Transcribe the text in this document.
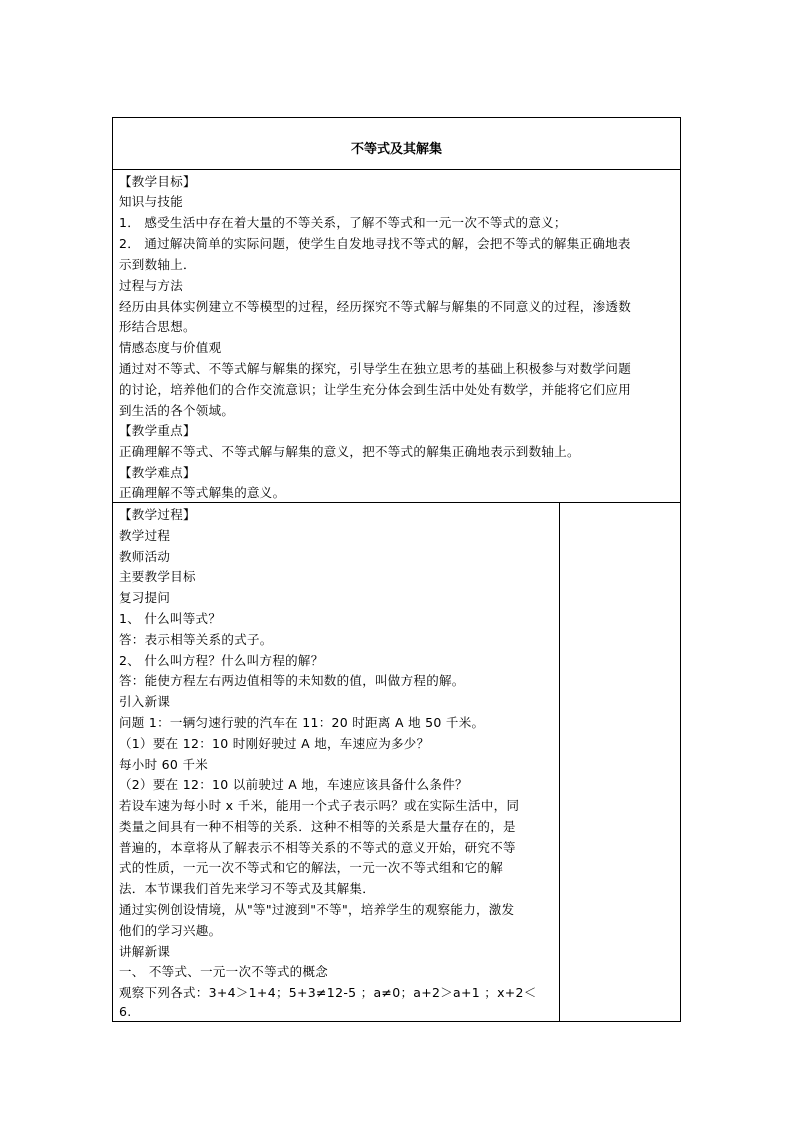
不等式及其解集
【教学目标】
知识与技能
1． 感受生活中存在着大量的不等关系，了解不等式和一元一次不等式的意义；
2． 通过解决简单的实际问题，使学生自发地寻找不等式的解，会把不等式的解集正确地表
示到数轴上．
过程与方法
经历由具体实例建立不等模型的过程，经历探究不等式解与解集的不同意义的过程，渗透数
形结合思想。
情感态度与价值观
通过对不等式、不等式解与解集的探究，引导学生在独立思考的基础上积极参与对数学问题
的讨论，培养他们的合作交流意识；让学生充分体会到生活中处处有数学，并能将它们应用
到生活的各个领域。
【教学重点】
正确理解不等式、不等式解与解集的意义，把不等式的解集正确地表示到数轴上。
【教学难点】
正确理解不等式解集的意义。
【教学过程】
教学过程
教师活动
主要教学目标
复习提问
1、 什么叫等式？
答：表示相等关系的式子。
2、 什么叫方程？什么叫方程的解？
答：能使方程左右两边值相等的未知数的值，叫做方程的解。
引入新课
问题 1：一辆匀速行驶的汽车在 11：20 时距离 A 地 50 千米。
（1）要在 12：10 时刚好驶过 A 地，车速应为多少？
每小时 60 千米
（2）要在 12：10 以前驶过 A 地，车速应该具备什么条件？
若设车速为每小时 x 千米，能用一个式子表示吗？或在实际生活中，同
类量之间具有一种不相等的关系．这种不相等的关系是大量存在的，是
普遍的，本章将从了解表示不相等关系的不等式的意义开始，研究不等
式的性质，一元一次不等式和它的解法，一元一次不等式组和它的解
法．本节课我们首先来学习不等式及其解集．
通过实例创设情境，从"等"过渡到"不等"，培养学生的观察能力，激发
他们的学习兴趣。
讲解新课
一、 不等式、一元一次不等式的概念
观察下列各式：3+4＞1+4；5+3≠12-5 ；a≠0；a+2＞a+1 ；x+2＜
6.
